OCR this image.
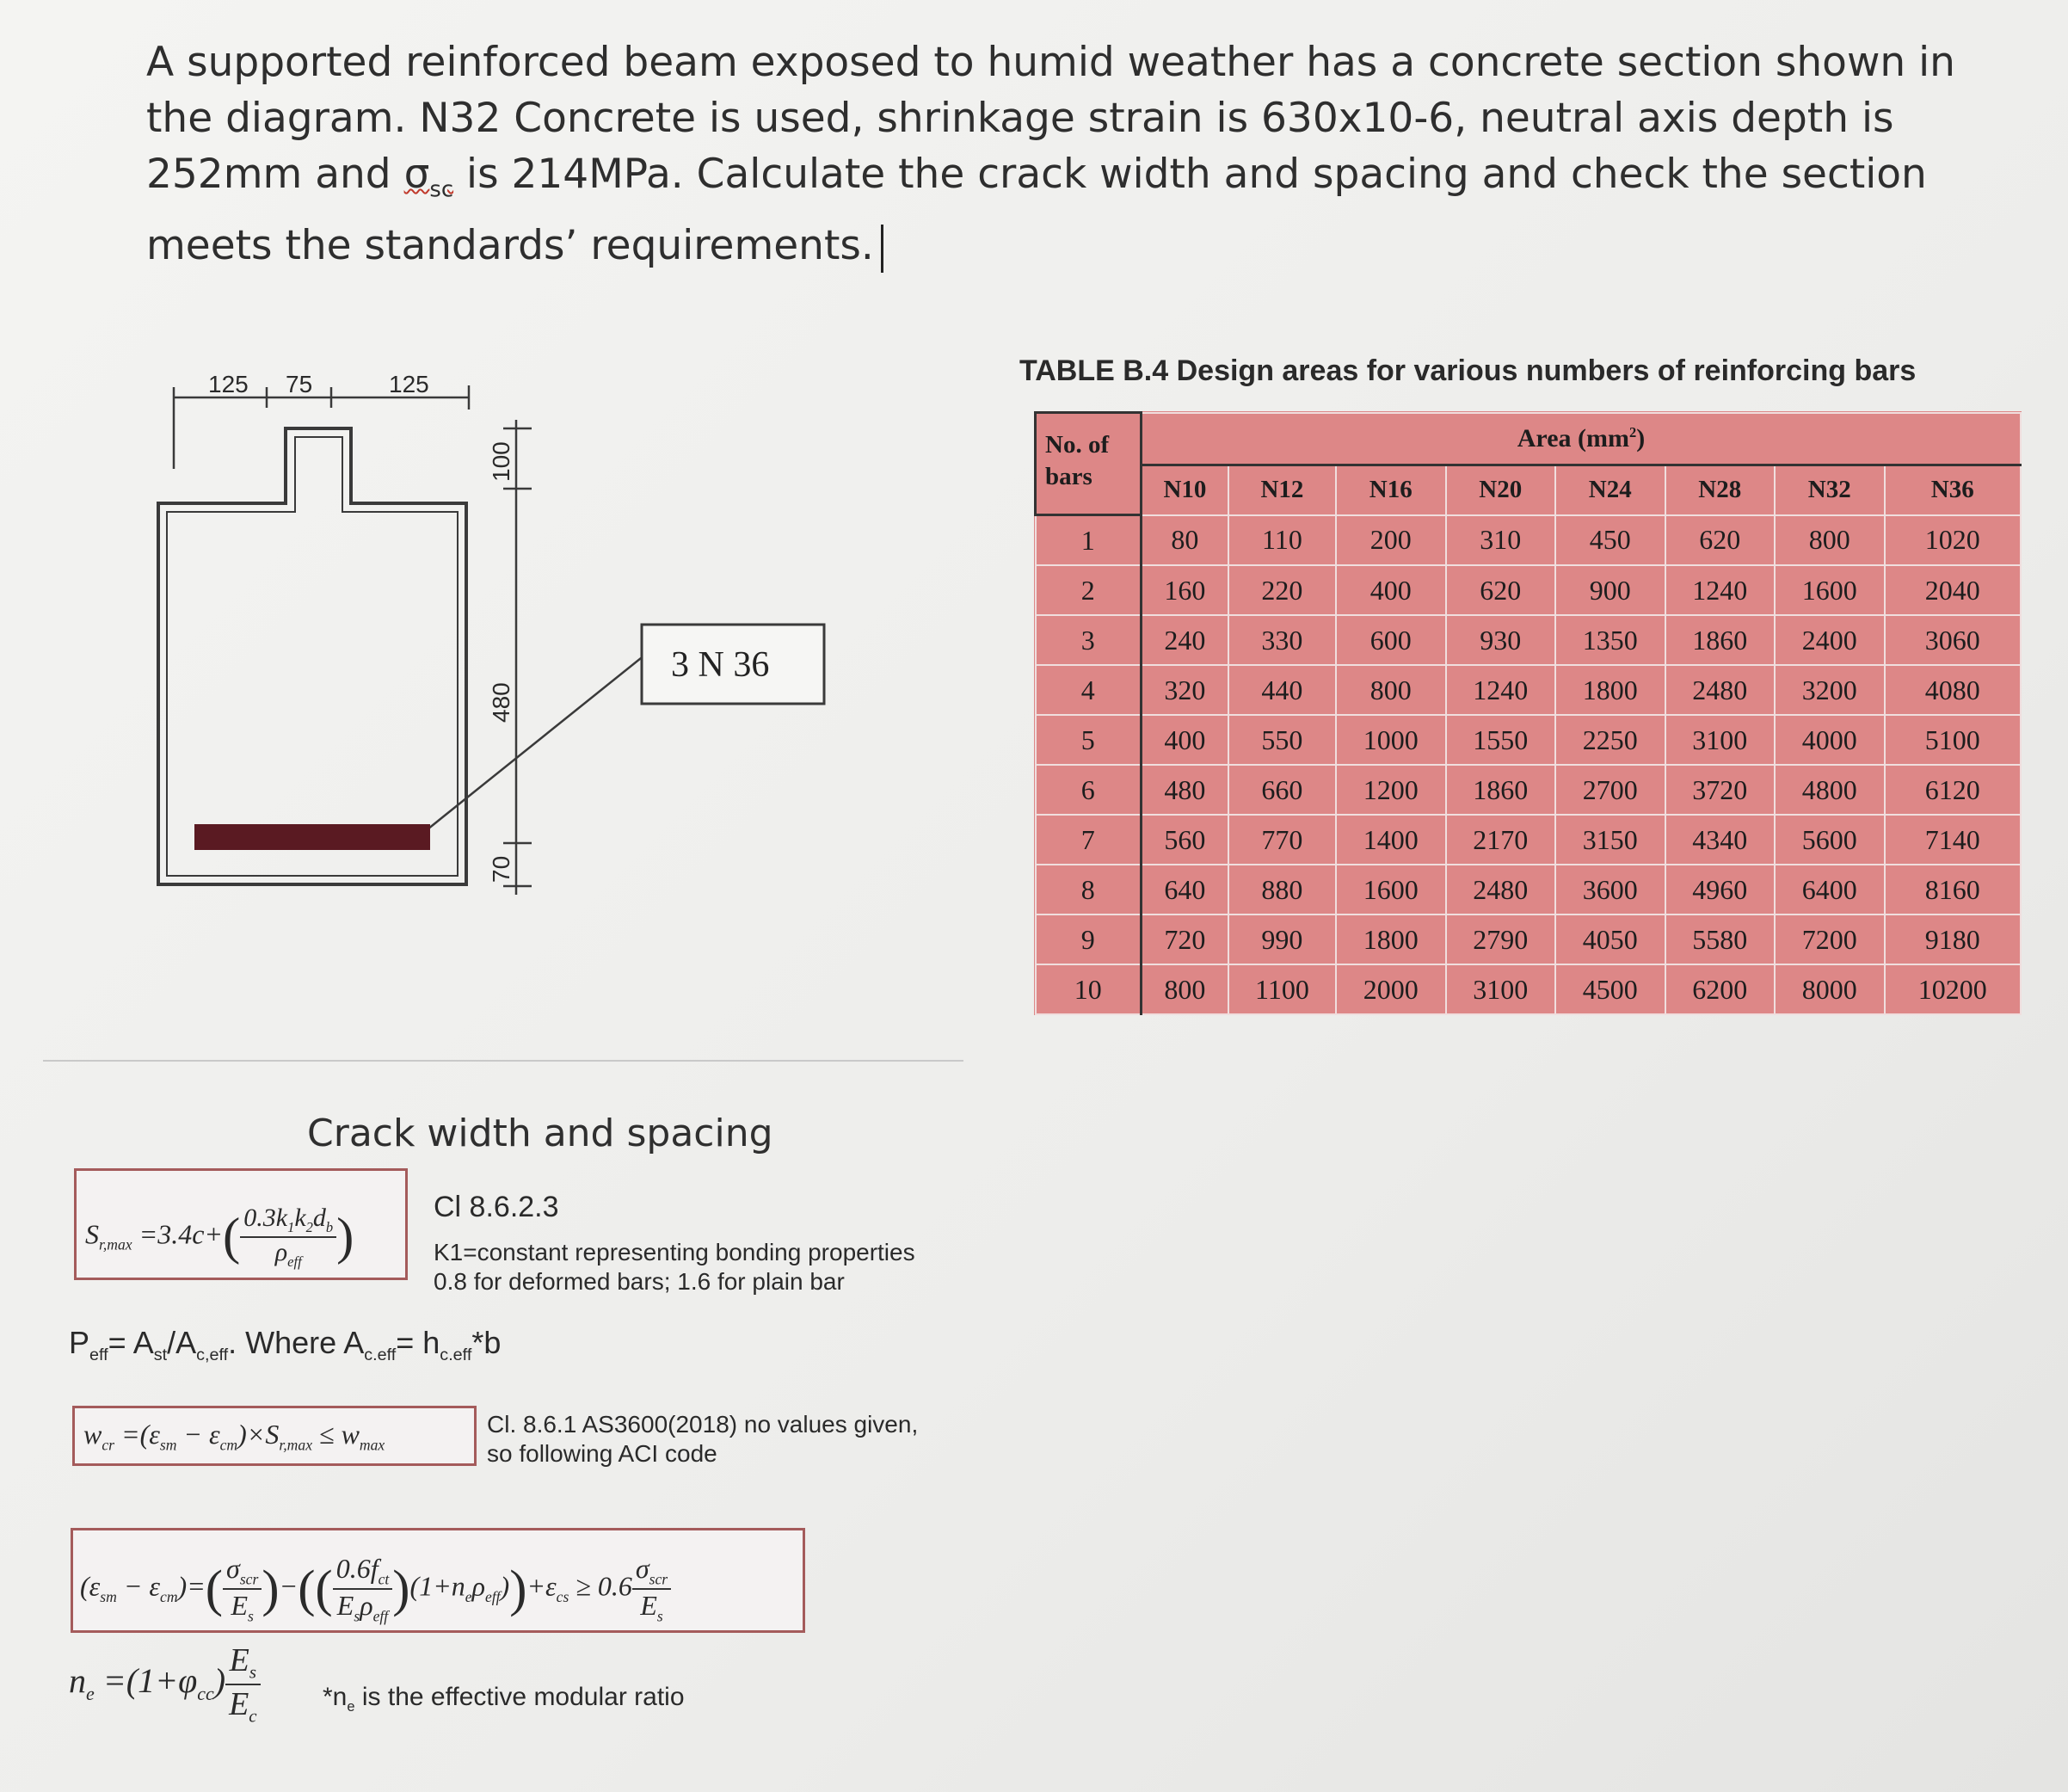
A supported reinforced beam exposed to humid weather has a concrete section shown in
the diagram. N32 Concrete is used, shrinkage strain is 630x10-6, neutral axis depth is
252mm and $\sigma_{sc}$ is 214MPa. Calculate the crack width and spacing and check the section
meets the standards’ requirements.
125 75	125
100
480
70
3 N 36
TABLE B.4 Design areas for various numbers of reinforcing bars
No. of
bars	Area $(mm^2)$							
	N10	N12	N16	N20	N24	N28	N32	N36
1	80	110	200	310	450	620	800	1020
2	160	220	400	620	900	1240	1600	2040
3	240	330	600	930	1350	1860	2400	3060
4	320	440	800	1240	1800	2480	3200	4080
5	400	550	1000	1550	2250	3100	4000	5100
6	480	660	1200	1860	2700	3720	4800	6120
7	560	770	1400	2170	3150	4340	5600	7140
8	640	880	1600	2480	3600	4960	6400	8160
9	720	990	1800	2790	4050	5580	7200	9180
10	800	1100	2000	3100	4500	6200	8000	10200
Crack width and spacing
$S_{r,max} =3.4c+( \frac{0.3k_1k_2d_b}{\rho_{eff}}$ )
Cl 8.6.2.3
K1=constant representing bonding properties
0.8 for deformed bars; 1.6 for plain bar
$P_{eff}= A_{st}/A_{c,eff}$. Where $A_{c.eff}= h_{c.eff}*b$
$w_{cr} =(\varepsilon_{sm} - \varepsilon_{cm})\times S_{r,max} \le w_{max}$
Cl. 8.6.1 AS3600(2018) no values given,
so following ACI code
$(\varepsilon_{sm} - \varepsilon_{cm})=( \frac{\sigma_{scr}}{E_s}$ )−(( $\frac{0.6f_{ct}}{E_s\rho_{eff}} )(1+n_e\rho_{eff}))+\varepsilon_{cs} \ge 0.6 \frac{\sigma_{scr}}{E_s}$
$n_e =(1+\varphi_{cc}) \frac{E_s}{E_c} *n_e$ is the effective modular ratio
